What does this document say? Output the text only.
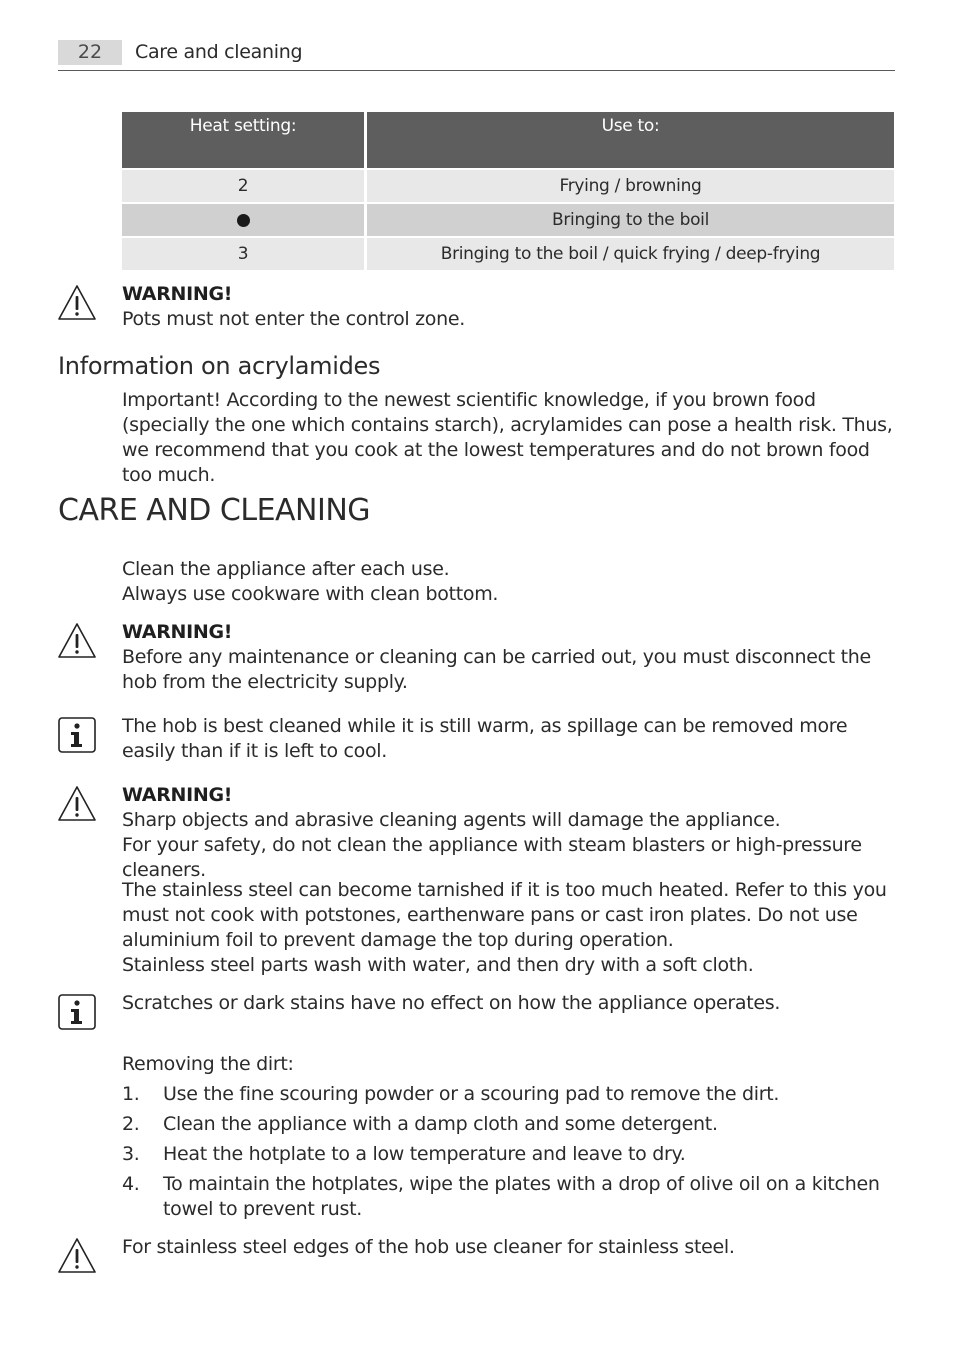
22	Care and cleaning
Heat setting:	Use to:
2	Frying / browning
	Bringing to the boil
3	Bringing to the boil / quick frying / deep-frying
WARNING!
Pots must not enter the control zone.
Information on acrylamides
Important! According to the newest scientific knowledge, if you brown food (specially the one which contains starch), acrylamides can pose a health risk. Thus, we recommend that you cook at the lowest temperatures and do not brown food too much.
CARE AND CLEANING
Clean the appliance after each use.
Always use cookware with clean bottom.
WARNING!
Before any maintenance or cleaning can be carried out, you must disconnect the hob from the electricity supply.
The hob is best cleaned while it is still warm, as spillage can be removed more easily than if it is left to cool.
WARNING!
Sharp objects and abrasive cleaning agents will damage the appliance.
For your safety, do not clean the appliance with steam blasters or high-pressure cleaners.
The stainless steel can become tarnished if it is too much heated. Refer to this you must not cook with potstones, earthenware pans or cast iron plates. Do not use aluminium foil to prevent damage the top during operation.
Stainless steel parts wash with water, and then dry with a soft cloth.
Scratches or dark stains have no effect on how the appliance operates.
Removing the dirt:
1. Use the fine scouring powder or a scouring pad to remove the dirt.
2. Clean the appliance with a damp cloth and some detergent.
3. Heat the hotplate to a low temperature and leave to dry.
4. To maintain the hotplates, wipe the plates with a drop of olive oil on a kitchen towel to prevent rust.
For stainless steel edges of the hob use cleaner for stainless steel.
